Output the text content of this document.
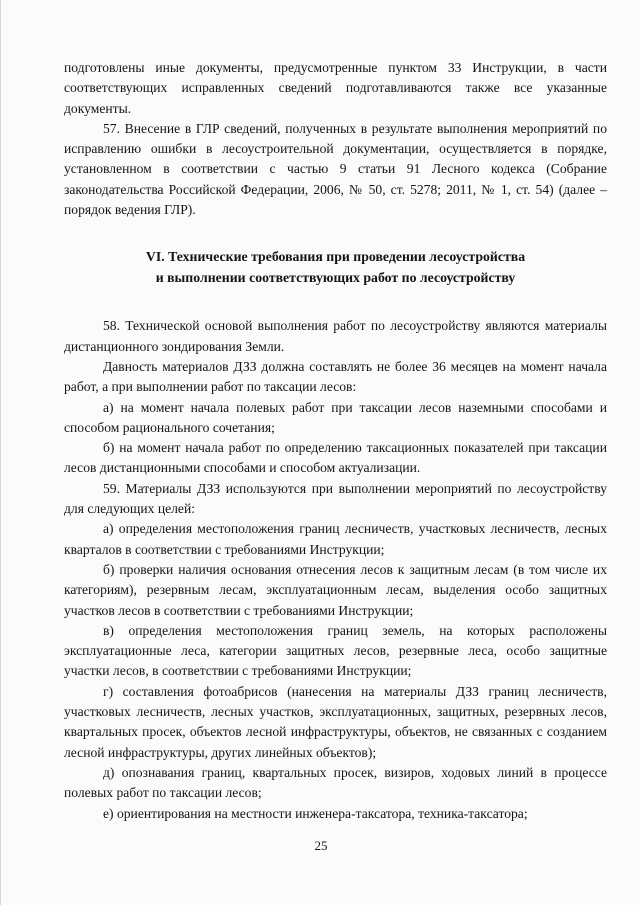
подготовлены иные документы, предусмотренные пунктом 33 Инструкции, в части соответствующих исправленных сведений подготавливаются также все указанные документы.

57. Внесение в ГЛР сведений, полученных в результате выполнения мероприятий по исправлению ошибки в лесоустроительной документации, осуществляется в порядке, установленном в соответствии с частью 9 статьи 91 Лесного кодекса (Собрание законодательства Российской Федерации, 2006, № 50, ст. 5278; 2011, № 1, ст. 54) (далее – порядок ведения ГЛР).

VI. Технические требования при проведении лесоустройства
и выполнении соответствующих работ по лесоустройству

58. Технической основой выполнения работ по лесоустройству являются материалы дистанционного зондирования Земли.

Давность материалов ДЗЗ должна составлять не более 36 месяцев на момент начала работ, а при выполнении работ по таксации лесов:

а) на момент начала полевых работ при таксации лесов наземными способами и способом рационального сочетания;

б) на момент начала работ по определению таксационных показателей при таксации лесов дистанционными способами и способом актуализации.

59. Материалы ДЗЗ используются при выполнении мероприятий по лесоустройству для следующих целей:

а) определения местоположения границ лесничеств, участковых лесничеств, лесных кварталов в соответствии с требованиями Инструкции;

б) проверки наличия основания отнесения лесов к защитным лесам (в том числе их категориям), резервным лесам, эксплуатационным лесам, выделения особо защитных участков лесов в соответствии с требованиями Инструкции;

в) определения местоположения границ земель, на которых расположены эксплуатационные леса, категории защитных лесов, резервные леса, особо защитные участки лесов, в соответствии с требованиями Инструкции;

г) составления фотоабрисов (нанесения на материалы ДЗЗ границ лесничеств, участковых лесничеств, лесных участков, эксплуатационных, защитных, резервных лесов, квартальных просек, объектов лесной инфраструктуры, объектов, не связанных с созданием лесной инфраструктуры, других линейных объектов);

д) опознавания границ, квартальных просек, визиров, ходовых линий в процессе полевых работ по таксации лесов;

е) ориентирования на местности инженера-таксатора, техника-таксатора;

25
